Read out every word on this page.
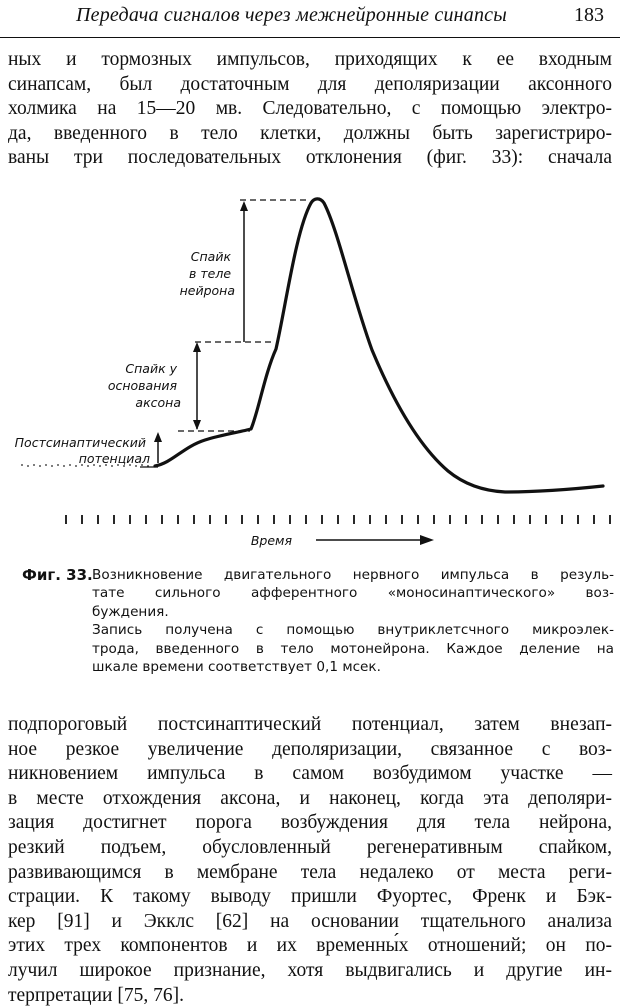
Передача сигналов через межнейронные синапсы	183

ных и тормозных импульсов, приходящих к ее входным
синапсам, был достаточным для деполяризации аксонного
холмика на 15—20 мв. Следовательно, с помощью электро-
да, введенного в тело клетки, должны быть зарегистриро-
ваны три последовательных отклонения (фиг. 33): сначала

Спайк в теле нейрона
Спайк у основания аксона
Постсинаптический потенциал
Время
Фиг. 33. Возникновение двигательного нервного импульса в резуль-
тате сильного афферентного «моносинаптического» воз-
буждения.
Запись получена с помощью внутриклетсчного микроэлек-
трода, введенного в тело мотонейрона. Каждое деление на
шкале времени соответствует 0,1 мсек.

подпороговый постсинаптический потенциал, затем внезап-
ное резкое увеличение деполяризации, связанное с воз-
никновением импульса в самом возбудимом участке —
в месте отхождения аксона, и наконец, когда эта деполяри-
зация достигнет порога возбуждения для тела нейрона,
резкий подъем, обусловленный регенеративным спайком,
развивающимся в мембране тела недалеко от места реги-
страции. К такому выводу пришли Фуортес, Френк и Бэк-
кер [91] и Экклс [62] на основании тщательного анализа
этих трех компонентов и их временны́х отношений; он по-
лучил широкое признание, хотя выдвигались и другие ин-
терпретации [75, 76].
